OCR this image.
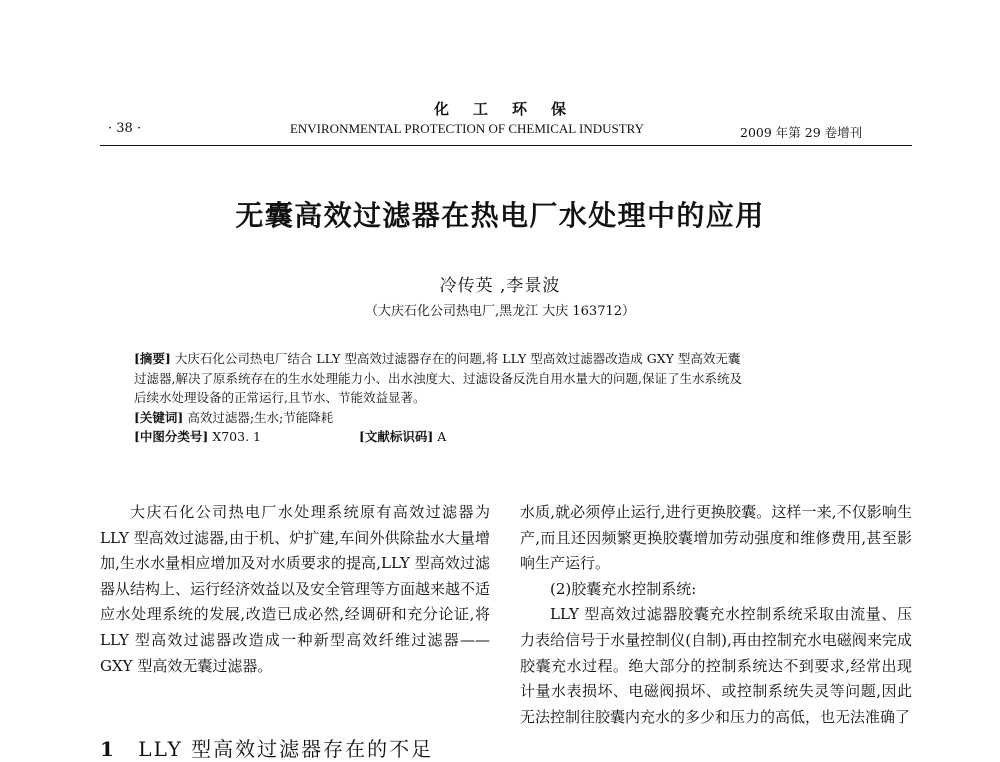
化工环保
· 38 ·	ENVIRONMENTAL PROTECTION OF CHEMICAL INDUSTRY	2009 年第 29 卷增刊
无囊高效过滤器在热电厂水处理中的应用
冷传英 ,李景波
（大庆石化公司热电厂,黑龙江 大庆 163712）
[摘要] 大庆石化公司热电厂结合 LLY 型高效过滤器存在的问题,将 LLY 型高效过滤器改造成 GXY 型高效无囊
过滤器,解决了原系统存在的生水处理能力小、出水浊度大、过滤设备反洗自用水量大的问题,保证了生水系统及
后续水处理设备的正常运行,且节水、节能效益显著。
[关键词] 高效过滤器;生水;节能降耗
[中图分类号] X703. 1	[文献标识码] A

大庆石化公司热电厂水处理系统原有高效过滤器为 LLY 型高效过滤器,由于机、炉扩建,车间外供除盐水大量增加,生水水量相应增加及对水质要求的提高,LLY 型高效过滤器从结构上、运行经济效益以及安全管理等方面越来越不适应水处理系统的发展,改造已成必然,经调研和充分论证,将 LLY 型高效过滤器改造成一种新型高效纤维过滤器——GXY 型高效无囊过滤器。

1 LLY 型高效过滤器存在的不足

水质,就必须停止运行,进行更换胶囊。这样一来,不仅影响生产,而且还因频繁更换胶囊增加劳动强度和维修费用,甚至影响生产运行。

(2)胶囊充水控制系统:

LLY 型高效过滤器胶囊充水控制系统采取由流量、压力表给信号于水量控制仪(自制),再由控制充水电磁阀来完成胶囊充水过程。绝大部分的控制系统达不到要求,经常出现计量水表损坏、电磁阀损坏、或控制系统失灵等问题,因此无法控制往胶囊内充水的多少和压力的高低，也无法准确了
